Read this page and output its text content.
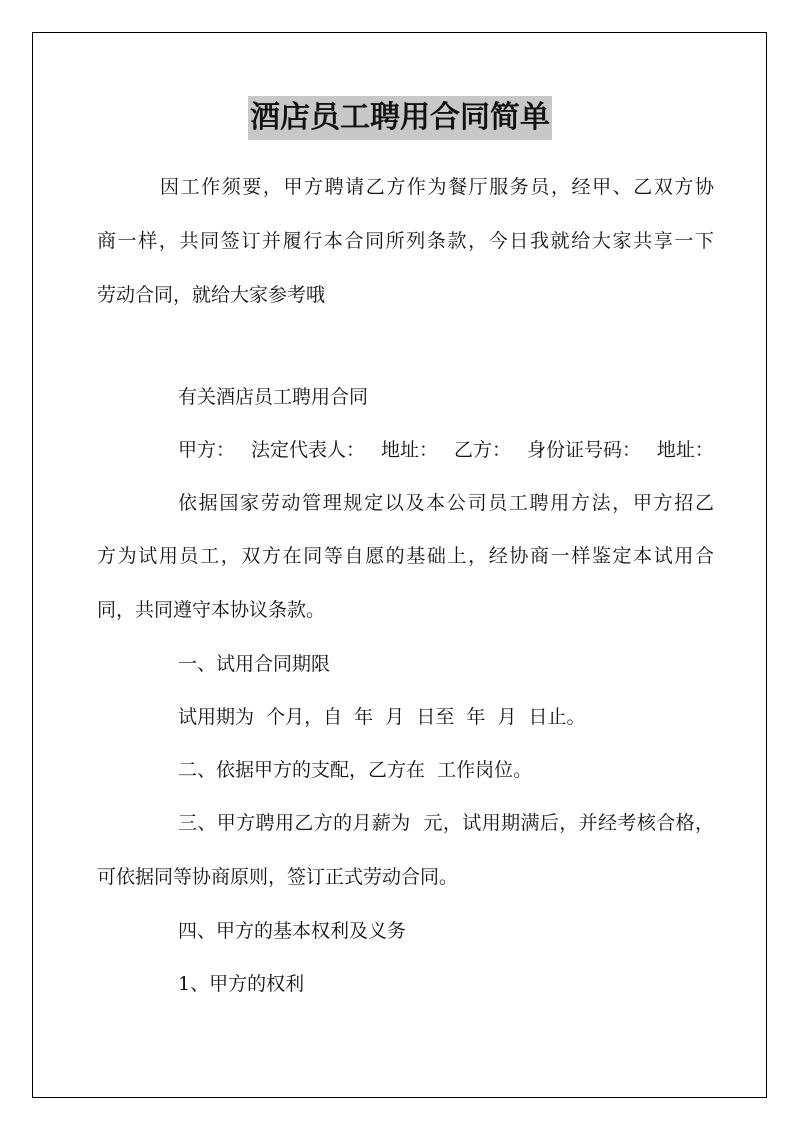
酒店员工聘用合同简单
因工作须要，甲方聘请乙方作为餐厅服务员，经甲、乙双方协
商一样，共同签订并履行本合同所列条款，今日我就给大家共享一下
劳动合同，就给大家参考哦
有关酒店员工聘用合同
甲方： 法定代表人： 地址： 乙方： 身份证号码： 地址：
依据国家劳动管理规定以及本公司员工聘用方法，甲方招乙
方为试用员工，双方在同等自愿的基础上，经协商一样鉴定本试用合
同，共同遵守本协议条款。
一、试用合同期限
试用期为  个月，自  年  月  日至  年  月  日止。
二、依据甲方的支配，乙方在  工作岗位。
三、甲方聘用乙方的月薪为  元，试用期满后，并经考核合格，
可依据同等协商原则，签订正式劳动合同。
四、甲方的基本权利及义务
1、甲方的权利
